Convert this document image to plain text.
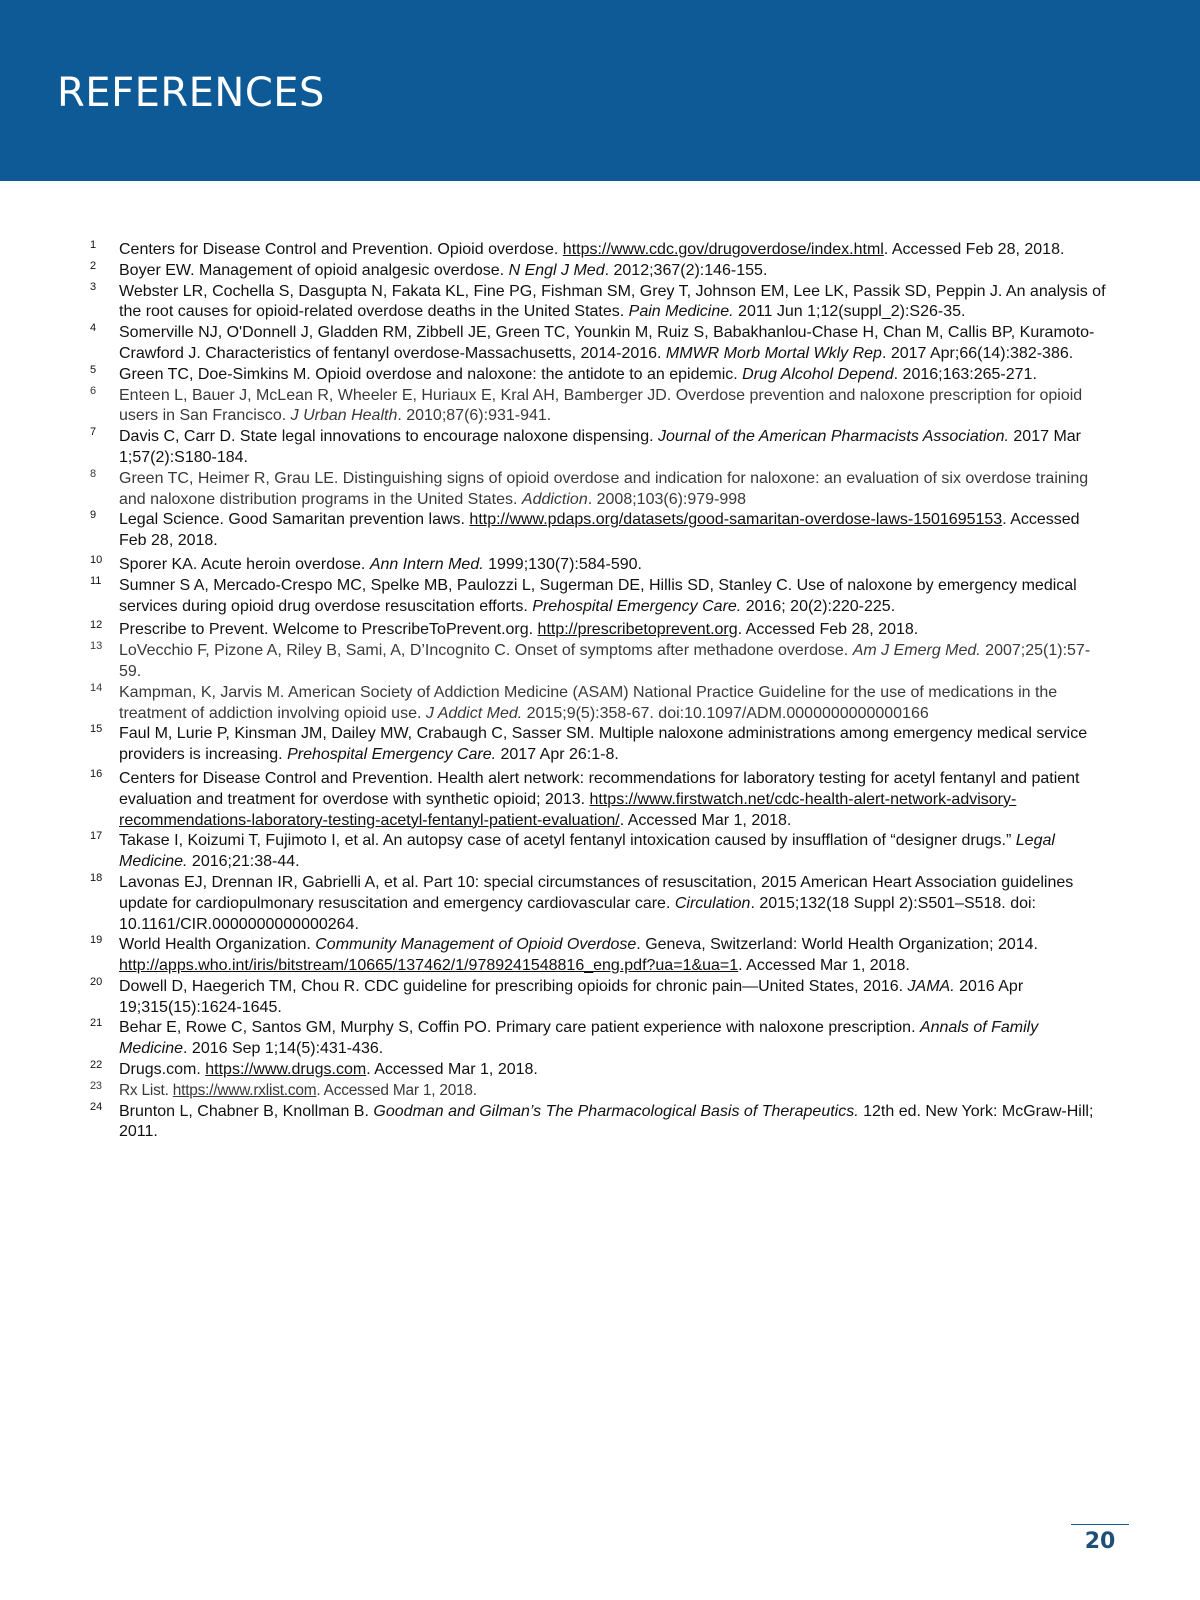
REFERENCES
1 Centers for Disease Control and Prevention. Opioid overdose. https://www.cdc.gov/drugoverdose/index.html. Accessed Feb 28, 2018.
2 Boyer EW. Management of opioid analgesic overdose. N Engl J Med. 2012;367(2):146-155.
3 Webster LR, Cochella S, Dasgupta N, Fakata KL, Fine PG, Fishman SM, Grey T, Johnson EM, Lee LK, Passik SD, Peppin J. An analysis of the root causes for opioid-related overdose deaths in the United States. Pain Medicine. 2011 Jun 1;12(suppl_2):S26-35.
4 Somerville NJ, O'Donnell J, Gladden RM, Zibbell JE, Green TC, Younkin M, Ruiz S, Babakhanlou-Chase H, Chan M, Callis BP, Kuramoto-Crawford J. Characteristics of fentanyl overdose-Massachusetts, 2014-2016. MMWR Morb Mortal Wkly Rep. 2017 Apr;66(14):382-386.
5 Green TC, Doe-Simkins M. Opioid overdose and naloxone: the antidote to an epidemic. Drug Alcohol Depend. 2016;163:265-271.
6 Enteen L, Bauer J, McLean R, Wheeler E, Huriaux E, Kral AH, Bamberger JD. Overdose prevention and naloxone prescription for opioid users in San Francisco. J Urban Health. 2010;87(6):931-941.
7 Davis C, Carr D. State legal innovations to encourage naloxone dispensing. Journal of the American Pharmacists Association. 2017 Mar 1;57(2):S180-184.
8 Green TC, Heimer R, Grau LE. Distinguishing signs of opioid overdose and indication for naloxone: an evaluation of six overdose training and naloxone distribution programs in the United States. Addiction. 2008;103(6):979-998
9 Legal Science. Good Samaritan prevention laws. http://www.pdaps.org/datasets/good-samaritan-overdose-laws-1501695153. Accessed Feb 28, 2018.
10 Sporer KA. Acute heroin overdose. Ann Intern Med. 1999;130(7):584-590.
11 Sumner S A, Mercado-Crespo MC, Spelke MB, Paulozzi L, Sugerman DE, Hillis SD, Stanley C. Use of naloxone by emergency medical services during opioid drug overdose resuscitation efforts. Prehospital Emergency Care. 2016; 20(2):220-225.
12 Prescribe to Prevent. Welcome to PrescribeToPrevent.org. http://prescribetoprevent.org. Accessed Feb 28, 2018.
13 LoVecchio F, Pizone A, Riley B, Sami, A, D’Incognito C. Onset of symptoms after methadone overdose. Am J Emerg Med. 2007;25(1):57-59.
14 Kampman, K, Jarvis M. American Society of Addiction Medicine (ASAM) National Practice Guideline for the use of medications in the treatment of addiction involving opioid use. J Addict Med. 2015;9(5):358-67. doi:10.1097/ADM.0000000000000166
15 Faul M, Lurie P, Kinsman JM, Dailey MW, Crabaugh C, Sasser SM. Multiple naloxone administrations among emergency medical service providers is increasing. Prehospital Emergency Care. 2017 Apr 26:1-8.
16 Centers for Disease Control and Prevention. Health alert network: recommendations for laboratory testing for acetyl fentanyl and patient evaluation and treatment for overdose with synthetic opioid; 2013. https://www.firstwatch.net/cdc-health-alert-network-advisory-recommendations-laboratory-testing-acetyl-fentanyl-patient-evaluation/. Accessed Mar 1, 2018.
17 Takase I, Koizumi T, Fujimoto I, et al. An autopsy case of acetyl fentanyl intoxication caused by insufflation of “designer drugs.” Legal Medicine. 2016;21:38-44.
18 Lavonas EJ, Drennan IR, Gabrielli A, et al. Part 10: special circumstances of resuscitation, 2015 American Heart Association guidelines update for cardiopulmonary resuscitation and emergency cardiovascular care. Circulation. 2015;132(18 Suppl 2):S501–S518. doi: 10.1161/CIR.0000000000000264.
19 World Health Organization. Community Management of Opioid Overdose. Geneva, Switzerland: World Health Organization; 2014. http://apps.who.int/iris/bitstream/10665/137462/1/9789241548816_eng.pdf?ua=1&ua=1. Accessed Mar 1, 2018.
20 Dowell D, Haegerich TM, Chou R. CDC guideline for prescribing opioids for chronic pain—United States, 2016. JAMA. 2016 Apr 19;315(15):1624-1645.
21 Behar E, Rowe C, Santos GM, Murphy S, Coffin PO. Primary care patient experience with naloxone prescription. Annals of Family Medicine. 2016 Sep 1;14(5):431-436.
22 Drugs.com. https://www.drugs.com. Accessed Mar 1, 2018.
23 Rx List. https://www.rxlist.com. Accessed Mar 1, 2018.
24 Brunton L, Chabner B, Knollman B. Goodman and Gilman’s The Pharmacological Basis of Therapeutics. 12th ed. New York: McGraw-Hill; 2011.
20
